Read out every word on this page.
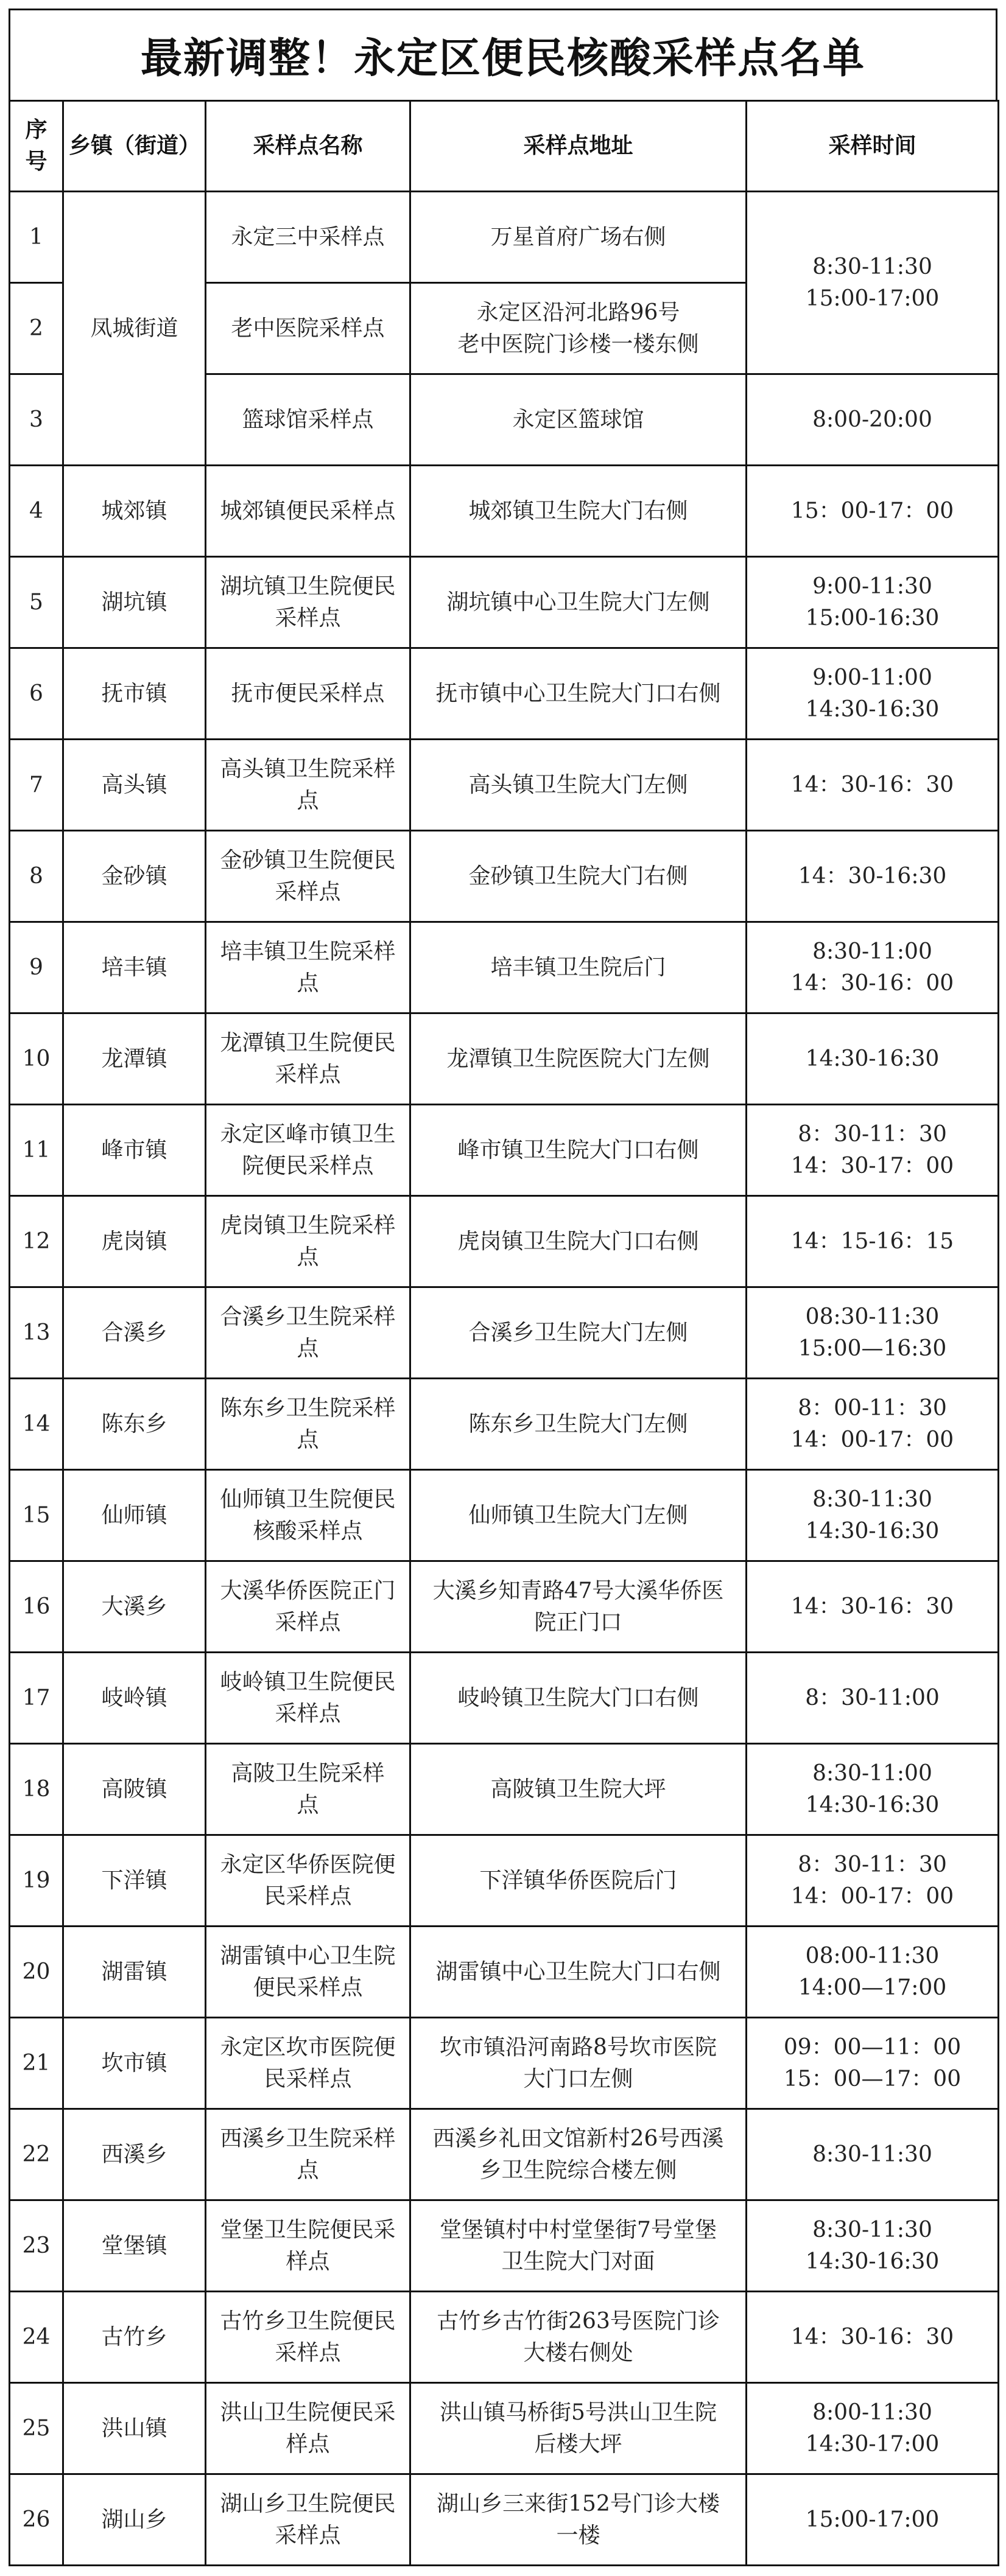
最新调整！永定区便民核酸采样点名单
序号	乡镇（街道）	采样点名称	采样点地址	采样时间
1	凤城街道	永定三中采样点	万星首府广场右侧	8:30-11:30
15:00-17:00
2		老中医院采样点	永定区沿河北路96号
老中医院门诊楼一楼东侧	
3		篮球馆采样点	永定区篮球馆	8:00-20:00
4	城郊镇	城郊镇便民采样点	城郊镇卫生院大门右侧	15：00-17：00
5	湖坑镇	湖坑镇卫生院便民
采样点	湖坑镇中心卫生院大门左侧	9:00-11:30
15:00-16:30
6	抚市镇	抚市便民采样点	抚市镇中心卫生院大门口右侧	9:00-11:00
14:30-16:30
7	高头镇	高头镇卫生院采样
点	高头镇卫生院大门左侧	14：30-16：30
8	金砂镇	金砂镇卫生院便民
采样点	金砂镇卫生院大门右侧	14：30-16:30
9	培丰镇	培丰镇卫生院采样
点	培丰镇卫生院后门	8:30-11:00
14：30-16：00
10	龙潭镇	龙潭镇卫生院便民
采样点	龙潭镇卫生院医院大门左侧	14:30-16:30
11	峰市镇	永定区峰市镇卫生
院便民采样点	峰市镇卫生院大门口右侧	8：30-11：30
14：30-17：00
12	虎岗镇	虎岗镇卫生院采样
点	虎岗镇卫生院大门口右侧	14：15-16：15
13	合溪乡	合溪乡卫生院采样
点	合溪乡卫生院大门左侧	08:30-11:30
15:00—16:30
14	陈东乡	陈东乡卫生院采样
点	陈东乡卫生院大门左侧	8：00-11：30
14：00-17：00
15	仙师镇	仙师镇卫生院便民
核酸采样点	仙师镇卫生院大门左侧	8:30-11:30
14:30-16:30
16	大溪乡	大溪华侨医院正门
采样点	大溪乡知青路47号大溪华侨医
院正门口	14：30-16：30
17	岐岭镇	岐岭镇卫生院便民
采样点	岐岭镇卫生院大门口右侧	8：30-11:00
18	高陂镇	高陂卫生院采样
点	高陂镇卫生院大坪	8:30-11:00
14:30-16:30
19	下洋镇	永定区华侨医院便
民采样点	下洋镇华侨医院后门	8：30-11：30
14：00-17：00
20	湖雷镇	湖雷镇中心卫生院
便民采样点	湖雷镇中心卫生院大门口右侧	08:00-11:30
14:00—17:00
21	坎市镇	永定区坎市医院便
民采样点	坎市镇沿河南路8号坎市医院
大门口左侧	09：00—11：00
15：00—17：00
22	西溪乡	西溪乡卫生院采样
点	西溪乡礼田文馆新村26号西溪
乡卫生院综合楼左侧	8:30-11:30
23	堂堡镇	堂堡卫生院便民采
样点	堂堡镇村中村堂堡街7号堂堡
卫生院大门对面	8:30-11:30
14:30-16:30
24	古竹乡	古竹乡卫生院便民
采样点	古竹乡古竹街263号医院门诊
大楼右侧处	14：30-16：30
25	洪山镇	洪山卫生院便民采
样点	洪山镇马桥街5号洪山卫生院
后楼大坪	8:00-11:30
14:30-17:00
26	湖山乡	湖山乡卫生院便民
采样点	湖山乡三来街152号门诊大楼
一楼	15:00-17:00
